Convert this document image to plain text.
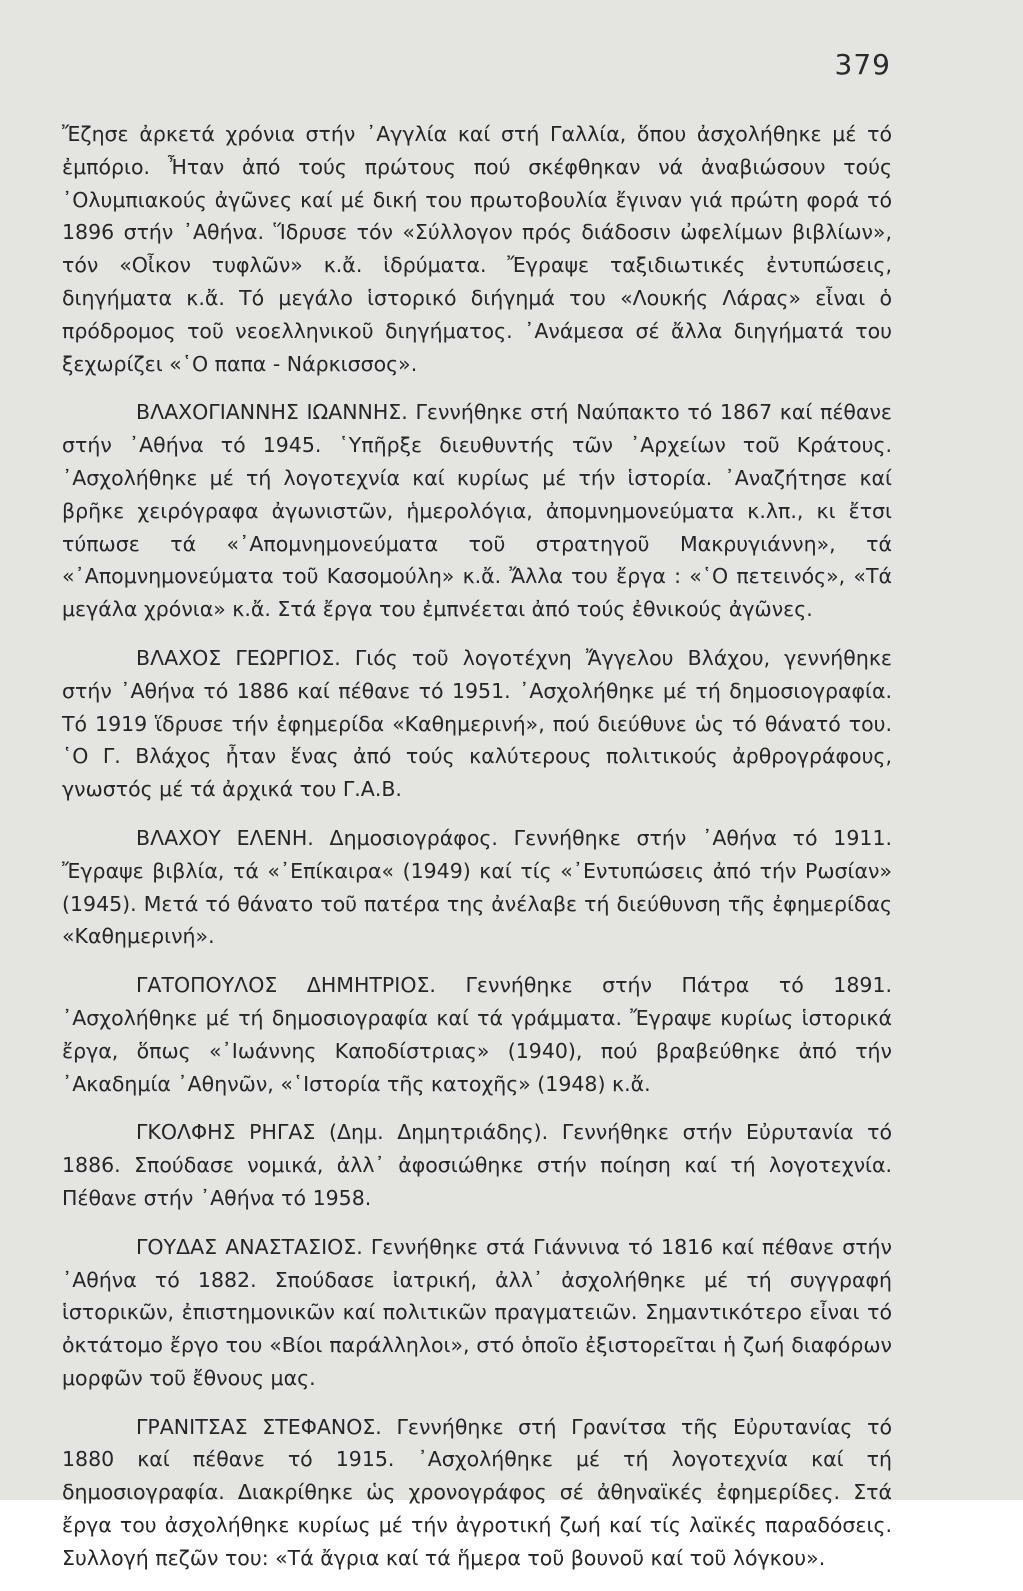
379

Ἔζησε ἀρκετά χρόνια στήν ᾿Αγγλία καί στή Γαλλία, ὅπου ἀσχολήθηκε μέ τό ἐμπόριο. Ἦταν ἀπό τούς πρώτους πού σκέφθηκαν νά ἀναβιώσουν τούς ᾿Ολυμπιακούς ἀγῶνες καί μέ δική του πρωτοβουλία ἔγιναν γιά πρώτη φορά τό 1896 στήν ᾿Αθήνα. Ἵδρυσε τόν «Σύλλογον πρός διάδοσιν ὠφελίμων βιβλίων», τόν «Οἶκον τυφλῶν» κ.ἄ. ἱδρύματα. Ἔγραψε ταξιδιωτικές ἐντυπώσεις, διηγήματα κ.ἄ. Τό μεγάλο ἱστορικό διήγημά του «Λουκής Λάρας» εἶναι ὁ πρόδρομος τοῦ νεοελληνικοῦ διηγήματος. ᾿Ανάμεσα σέ ἄλλα διηγήματά του ξεχωρίζει «῾Ο παπα - Νάρκισσος».

ΒΛΑΧΟΓΙΑΝΝΗΣ ΙΩΑΝΝΗΣ. Γεννήθηκε στή Ναύπακτο τό 1867 καί πέθανε στήν ᾿Αθήνα τό 1945. ῾Υπῆρξε διευθυντής τῶν ᾿Αρχείων τοῦ Κράτους. ᾿Ασχολήθηκε μέ τή λογοτεχνία καί κυρίως μέ τήν ἱστορία. ᾿Αναζήτησε καί βρῆκε χειρόγραφα ἀγωνιστῶν, ἡμερολόγια, ἀπομνημονεύματα κ.λπ., κι ἔτσι τύπωσε τά «᾿Απομνημονεύματα τοῦ στρατηγοῦ Μακρυγιάννη», τά «᾿Απομνημονεύματα τοῦ Κασομούλη» κ.ἄ. Ἄλλα του ἔργα : «῾Ο πετεινός», «Τά μεγάλα χρόνια» κ.ἄ. Στά ἔργα του ἐμπνέεται ἀπό τούς ἐθνικούς ἀγῶνες.

ΒΛΑΧΟΣ ΓΕΩΡΓΙΟΣ. Γιός τοῦ λογοτέχνη Ἄγγελου Βλάχου, γεννήθηκε στήν ᾿Αθήνα τό 1886 καί πέθανε τό 1951. ᾿Ασχολήθηκε μέ τή δημοσιογραφία. Τό 1919 ἵδρυσε τήν ἐφημερίδα «Καθημερινή», πού διεύθυνε ὡς τό θάνατό του. ῾Ο Γ. Βλάχος ἦταν ἕνας ἀπό τούς καλύτερους πολιτικούς ἀρθρογράφους, γνωστός μέ τά ἀρχικά του Γ.Α.Β.

ΒΛΑΧΟΥ ΕΛΕΝΗ. Δημοσιογράφος. Γεννήθηκε στήν ᾿Αθήνα τό 1911. Ἔγραψε βιβλία, τά «᾿Επίκαιρα« (1949) καί τίς «᾿Εντυπώσεις ἀπό τήν Ρωσίαν» (1945). Μετά τό θάνατο τοῦ πατέρα της ἀνέλαβε τή διεύθυνση τῆς ἐφημερίδας «Καθημερινή».

ΓΑΤΟΠΟΥΛΟΣ ΔΗΜΗΤΡΙΟΣ. Γεννήθηκε στήν Πάτρα τό 1891. ᾿Ασχολήθηκε μέ τή δημοσιογραφία καί τά γράμματα. Ἔγραψε κυρίως ἱστορικά ἔργα, ὅπως «᾿Ιωάννης Καποδίστριας» (1940), πού βραβεύθηκε ἀπό τήν ᾿Ακαδημία ᾿Αθηνῶν, «῾Ιστορία τῆς κατοχῆς» (1948) κ.ἄ.

ΓΚΟΛΦΗΣ ΡΗΓΑΣ (Δημ. Δημητριάδης). Γεννήθηκε στήν Εὐρυτανία τό 1886. Σπούδασε νομικά, ἀλλ᾿ ἀφοσιώθηκε στήν ποίηση καί τή λογοτεχνία. Πέθανε στήν ᾿Αθήνα τό 1958.

ΓΟΥΔΑΣ ΑΝΑΣΤΑΣΙΟΣ. Γεννήθηκε στά Γιάννινα τό 1816 καί πέθανε στήν ᾿Αθήνα τό 1882. Σπούδασε ἰατρική, ἀλλ᾿ ἀσχολήθηκε μέ τή συγγραφή ἱστορικῶν, ἐπιστημονικῶν καί πολιτικῶν πραγματειῶν. Σημαντικότερο εἶναι τό ὀκτάτομο ἔργο του «Βίοι παράλληλοι», στό ὁποῖο ἐξιστορεῖται ἡ ζωή διαφόρων μορφῶν τοῦ ἔθνους μας.

ΓΡΑΝΙΤΣΑΣ ΣΤΕΦΑΝΟΣ. Γεννήθηκε στή Γρανίτσα τῆς Εὐρυτανίας τό 1880 καί πέθανε τό 1915. ᾿Ασχολήθηκε μέ τή λογοτεχνία καί τή δημοσιογραφία. Διακρίθηκε ὡς χρονογράφος σέ ἀθηναϊκές ἐφημερίδες. Στά ἔργα του ἀσχολήθηκε κυρίως μέ τήν ἀγροτική ζωή καί τίς λαϊκές παραδόσεις. Συλλογή πεζῶν του: «Τά ἄγρια καί τά ἥμερα τοῦ βουνοῦ καί τοῦ λόγκου».
